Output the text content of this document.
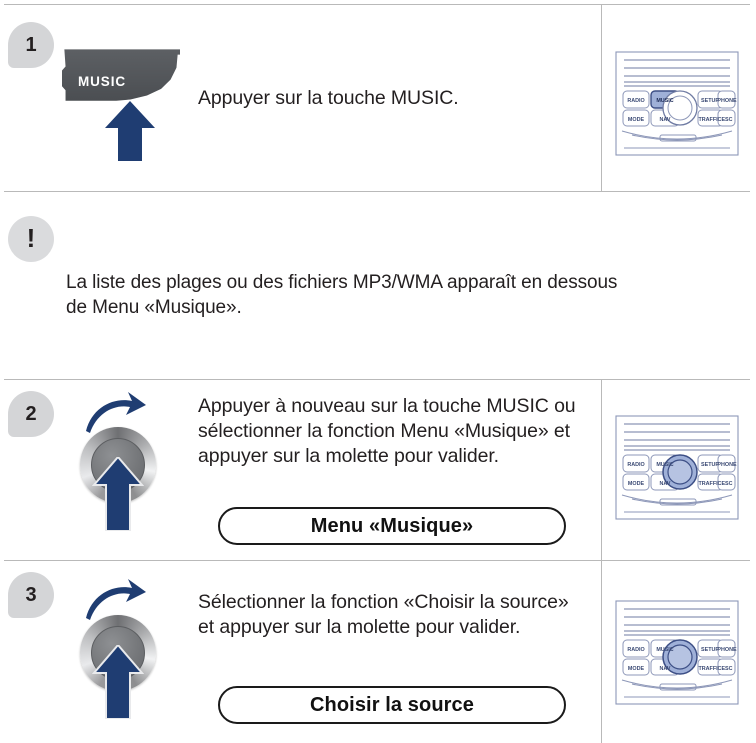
1
MUSIC
Appuyer sur la touche MUSIC.	RADIO MUSIC	SETUP
PHONE
MODE	NAV	TRAFFIC ESC
!
La liste des plages ou des fichiers MP3/WMA apparaît en dessous de Menu «Musique».
2	Appuyer à nouveau sur la touche MUSIC ou sélectionner la fonction Menu «Musique» et appuyer sur la molette pour valider.
Menu «Musique»
RADIO MUSIC	SETUP
PHONE
MODE	NAV	TRAFFIC ESC
3	Sélectionner la fonction «Choisir la source» et appuyer sur la molette pour valider.
Choisir la source
RADIO MUSIC	SETUP
PHONE
MODE	NAV	TRAFFIC ESC
